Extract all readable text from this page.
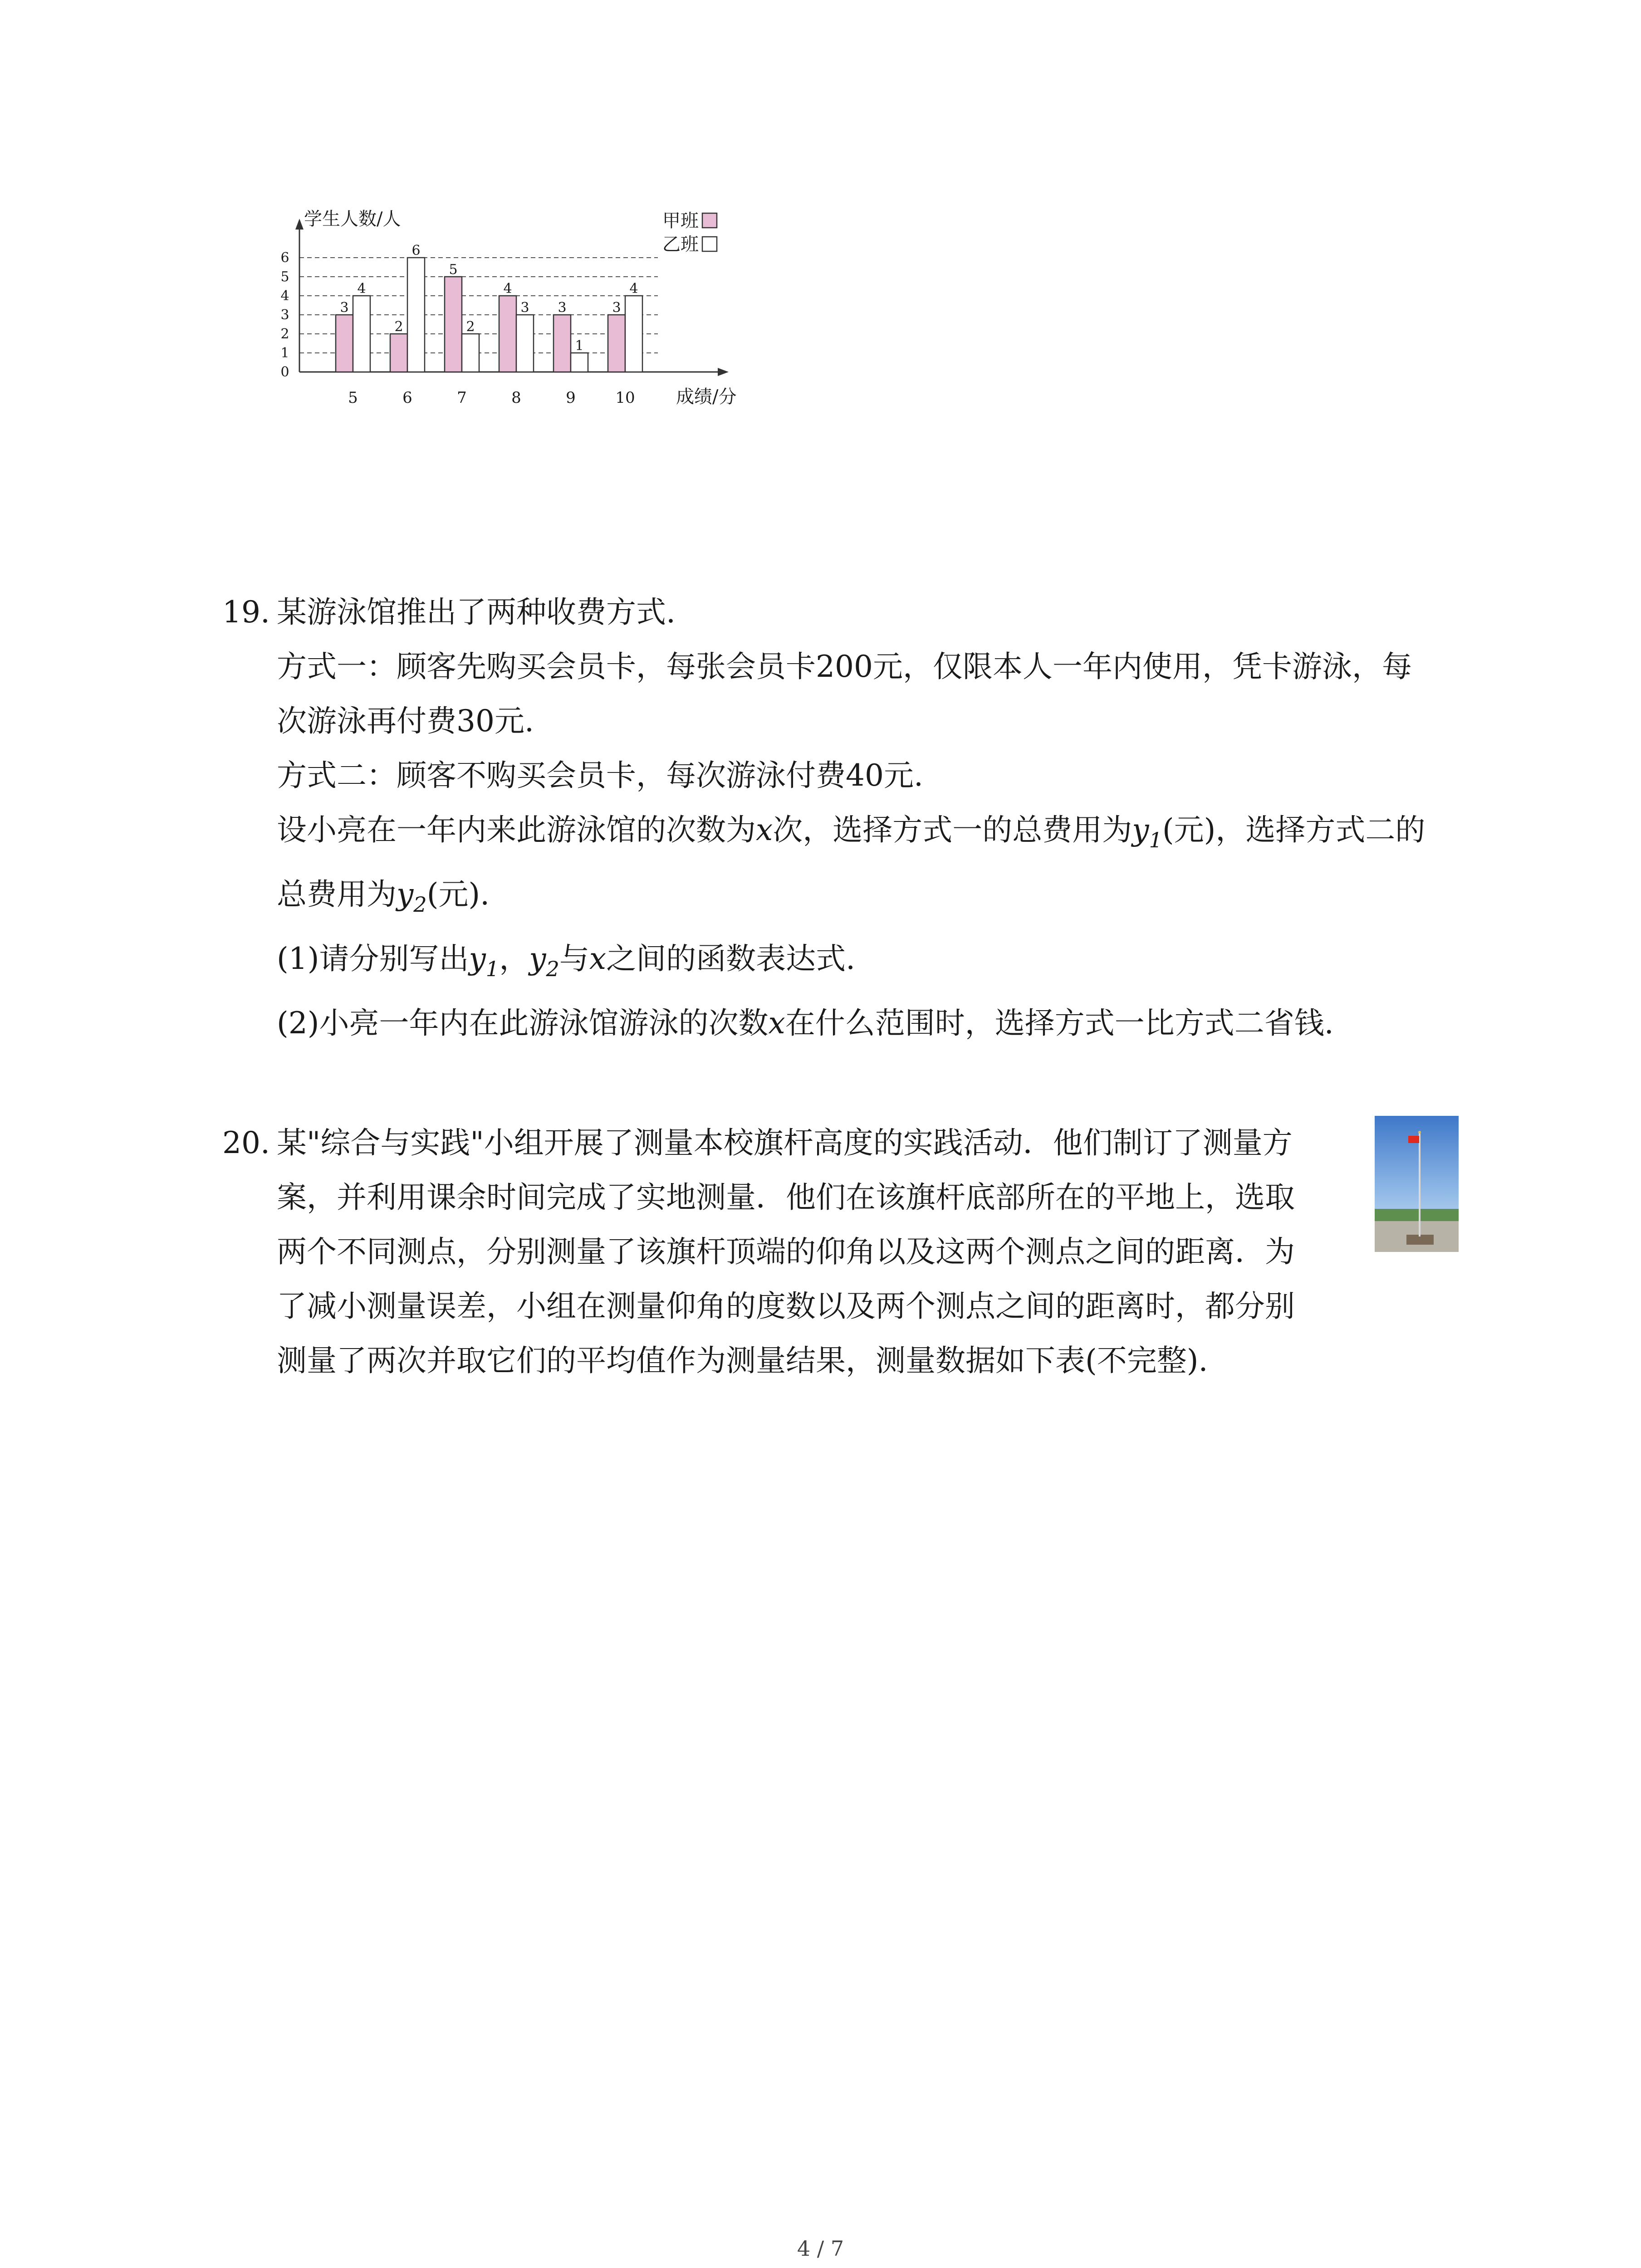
0
1
2
3
4
5
6
学生人数/人
成绩/分
3
4
5
2
6
6
5
2
7
4
3
8
3
1
9
3
4
10
甲班
乙班
19. 某游泳馆推出了两种收费方式.

方式一：顾客先购买会员卡，每张会员卡200元，仅限本人一年内使用，凭卡游泳，每

次游泳再付费30元.

方式二：顾客不购买会员卡，每次游泳付费40元.

设小亮在一年内来此游泳馆的次数为x次，选择方式一的总费用为$y_1$(元)，选择方式二的

总费用为$y_2$(元).

(1)请分别写出$y_1$，$y_2$与x之间的函数表达式.

(2)小亮一年内在此游泳馆游泳的次数x在什么范围时，选择方式一比方式二省钱.

20. 某"综合与实践"小组开展了测量本校旗杆高度的实践活动．他们制订了测量方

案，并利用课余时间完成了实地测量．他们在该旗杆底部所在的平地上，选取

两个不同测点，分别测量了该旗杆顶端的仰角以及这两个测点之间的距离．为

了减小测量误差，小组在测量仰角的度数以及两个测点之间的距离时，都分别

测量了两次并取它们的平均值作为测量结果，测量数据如下表(不完整).

4 / 7
